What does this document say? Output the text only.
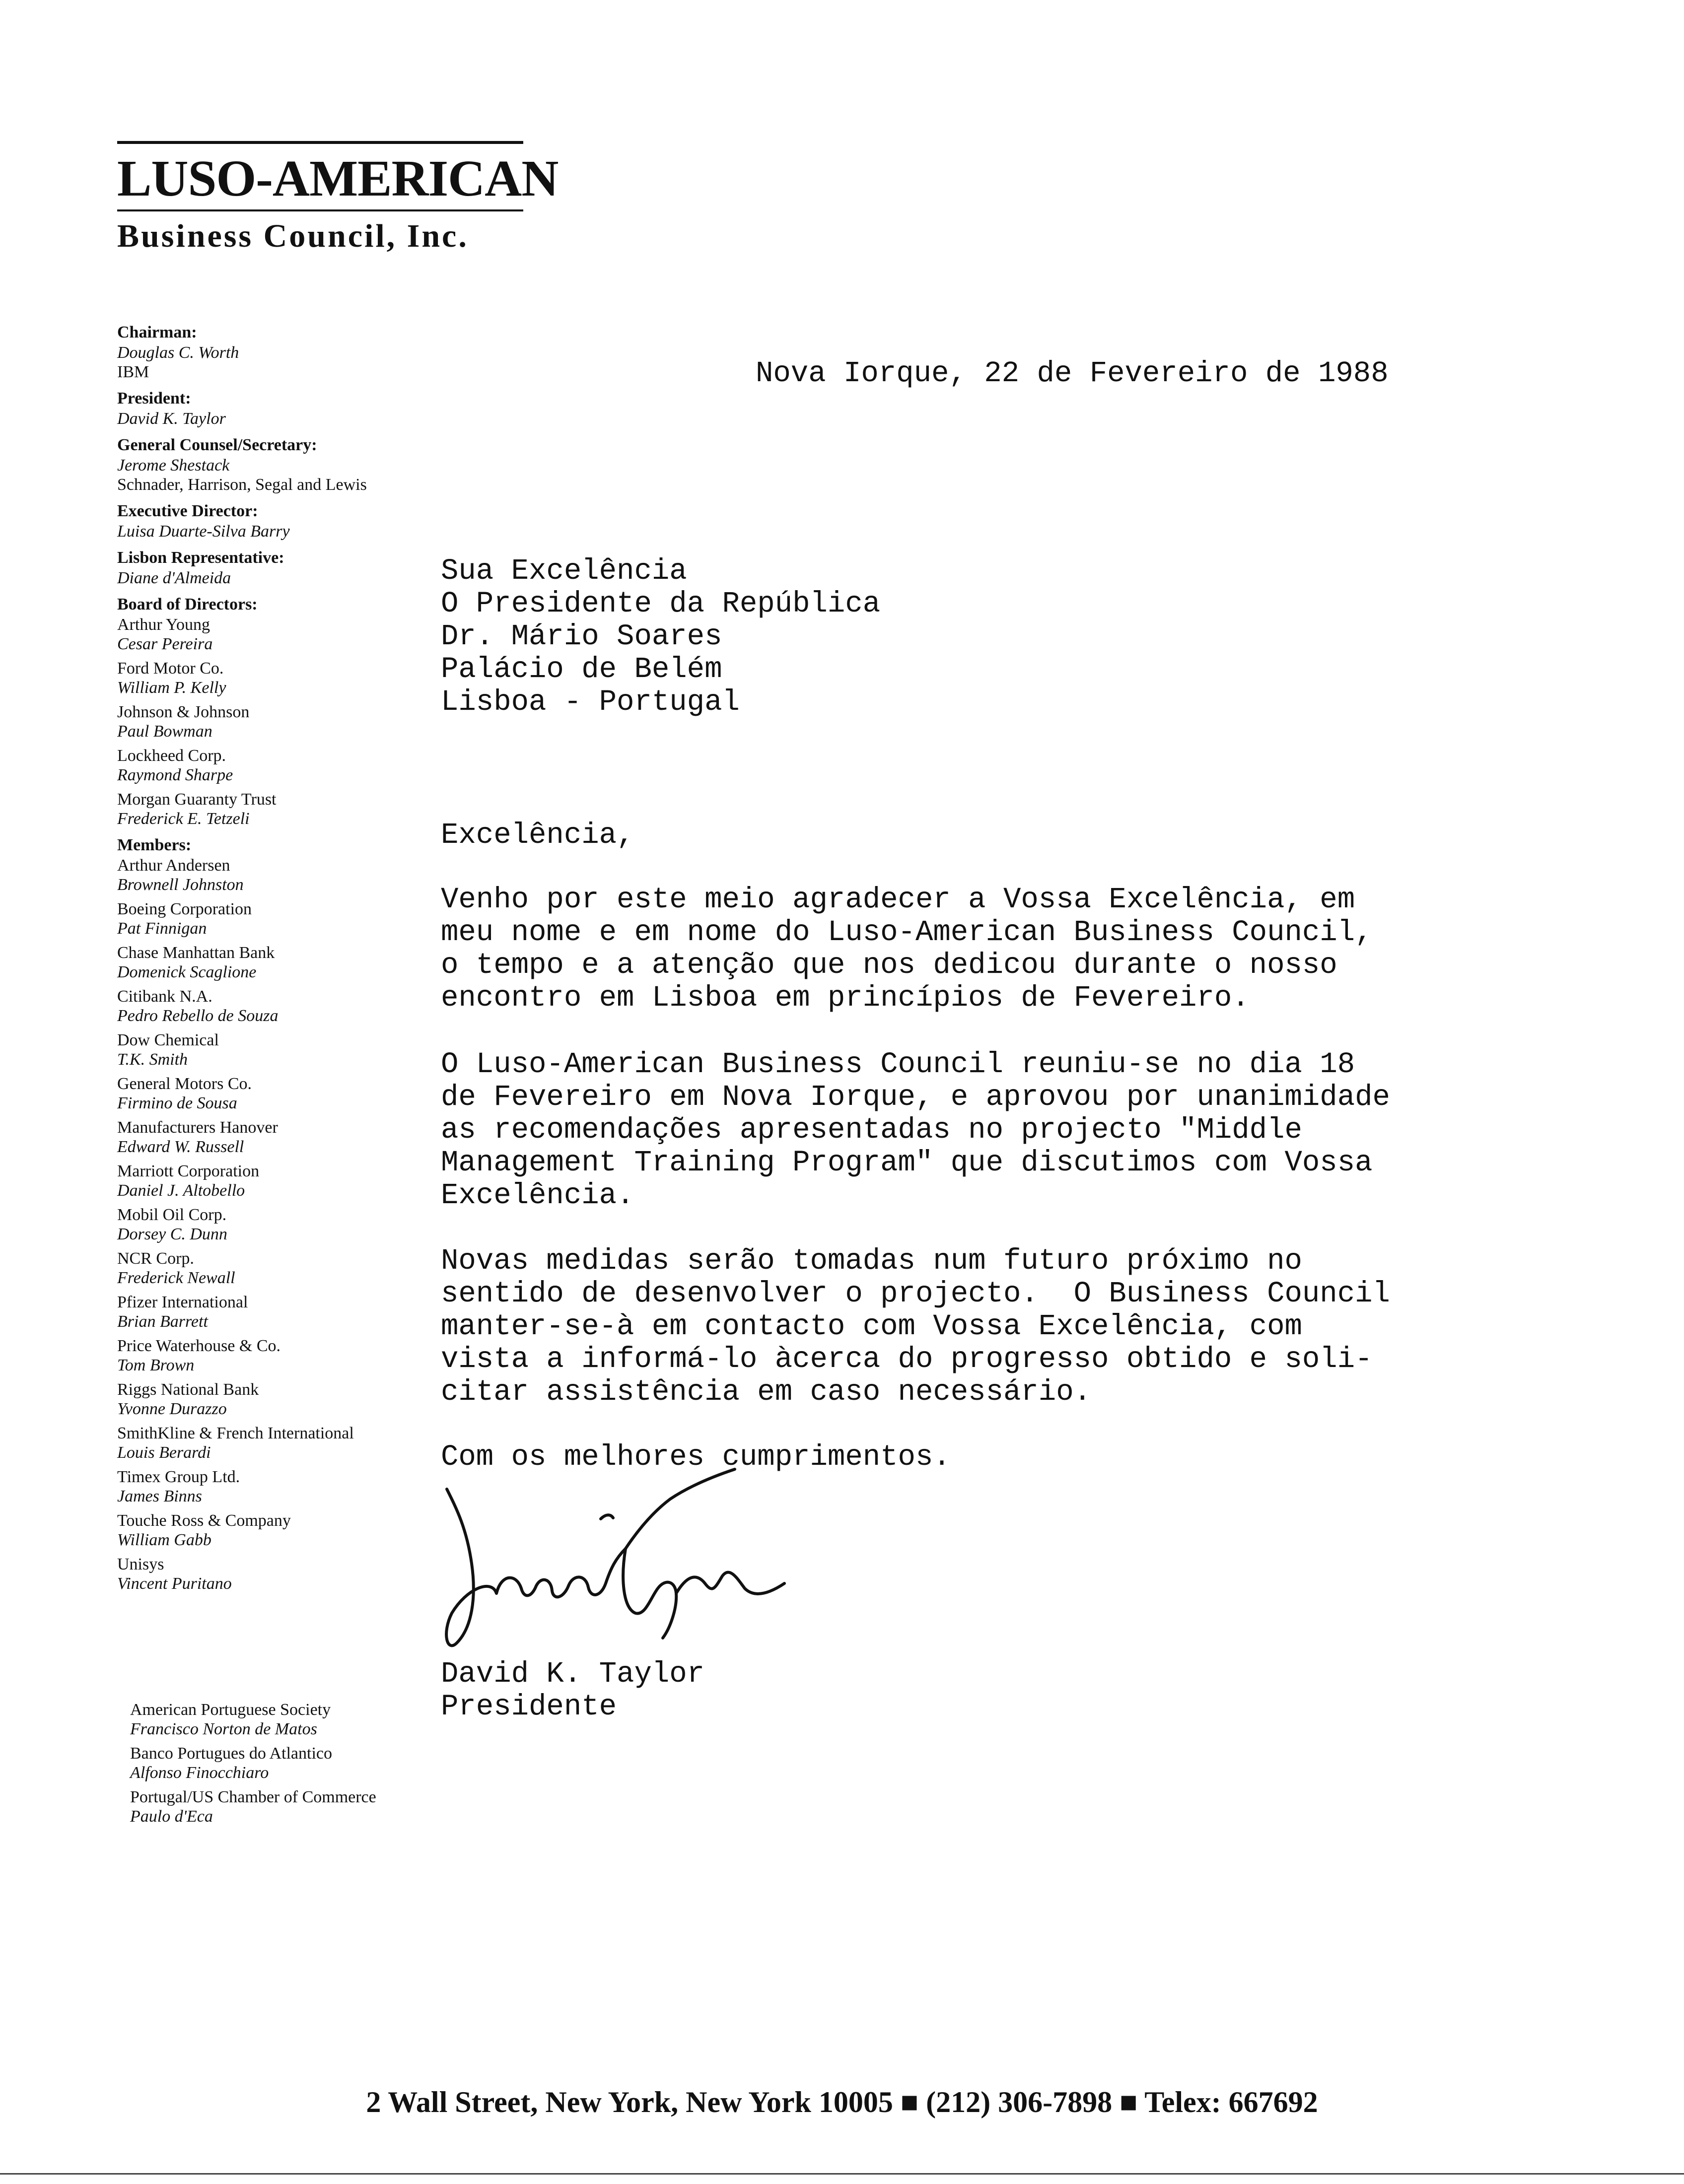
LUSO-AMERICAN
Business Council, Inc.
Chairman:
Douglas C. Worth
IBM
President:
David K. Taylor
General Counsel/Secretary:
Jerome Shestack
Schnader, Harrison, Segal and Lewis
Executive Director:
Luisa Duarte-Silva Barry
Lisbon Representative:
Diane d'Almeida
Board of Directors:
Arthur Young
Cesar Pereira
Ford Motor Co.
William P. Kelly
Johnson & Johnson
Paul Bowman
Lockheed Corp.
Raymond Sharpe
Morgan Guaranty Trust
Frederick E. Tetzeli
Members:
Arthur Andersen
Brownell Johnston
Boeing Corporation
Pat Finnigan
Chase Manhattan Bank
Domenick Scaglione
Citibank N.A.
Pedro Rebello de Souza
Dow Chemical
T.K. Smith
General Motors Co.
Firmino de Sousa
Manufacturers Hanover
Edward W. Russell
Marriott Corporation
Daniel J. Altobello
Mobil Oil Corp.
Dorsey C. Dunn
NCR Corp.
Frederick Newall
Pfizer International
Brian Barrett
Price Waterhouse & Co.
Tom Brown
Riggs National Bank
Yvonne Durazzo
SmithKline & French International
Louis Berardi
Timex Group Ltd.
James Binns
Touche Ross & Company
William Gabb
Unisys
Vincent Puritano
American Portuguese Society
Francisco Norton de Matos
Banco Portugues do Atlantico
Alfonso Finocchiaro
Portugal/US Chamber of Commerce
Paulo d'Eca
Nova Iorque, 22 de Fevereiro de 1988
Sua Excelência
O Presidente da República
Dr. Mário Soares
Palácio de Belém
Lisboa - Portugal
Excelência,
Venho por este meio agradecer a Vossa Excelência, em
meu nome e em nome do Luso-American Business Council,
o tempo e a atenção que nos dedicou durante o nosso
encontro em Lisboa em princípios de Fevereiro.
O Luso-American Business Council reuniu-se no dia 18
de Fevereiro em Nova Iorque, e aprovou por unanimidade
as recomendações apresentadas no projecto "Middle
Management Training Program" que discutimos com Vossa
Excelência.
Novas medidas serão tomadas num futuro próximo no
sentido de desenvolver o projecto.  O Business Council
manter-se-à em contacto com Vossa Excelência, com
vista a informá-lo àcerca do progresso obtido e soli-
citar assistência em caso necessário.
Com os melhores cumprimentos.
David K. Taylor
Presidente
2 Wall Street, New York, New York 10005 ■ (212) 306-7898 ■ Telex: 667692
